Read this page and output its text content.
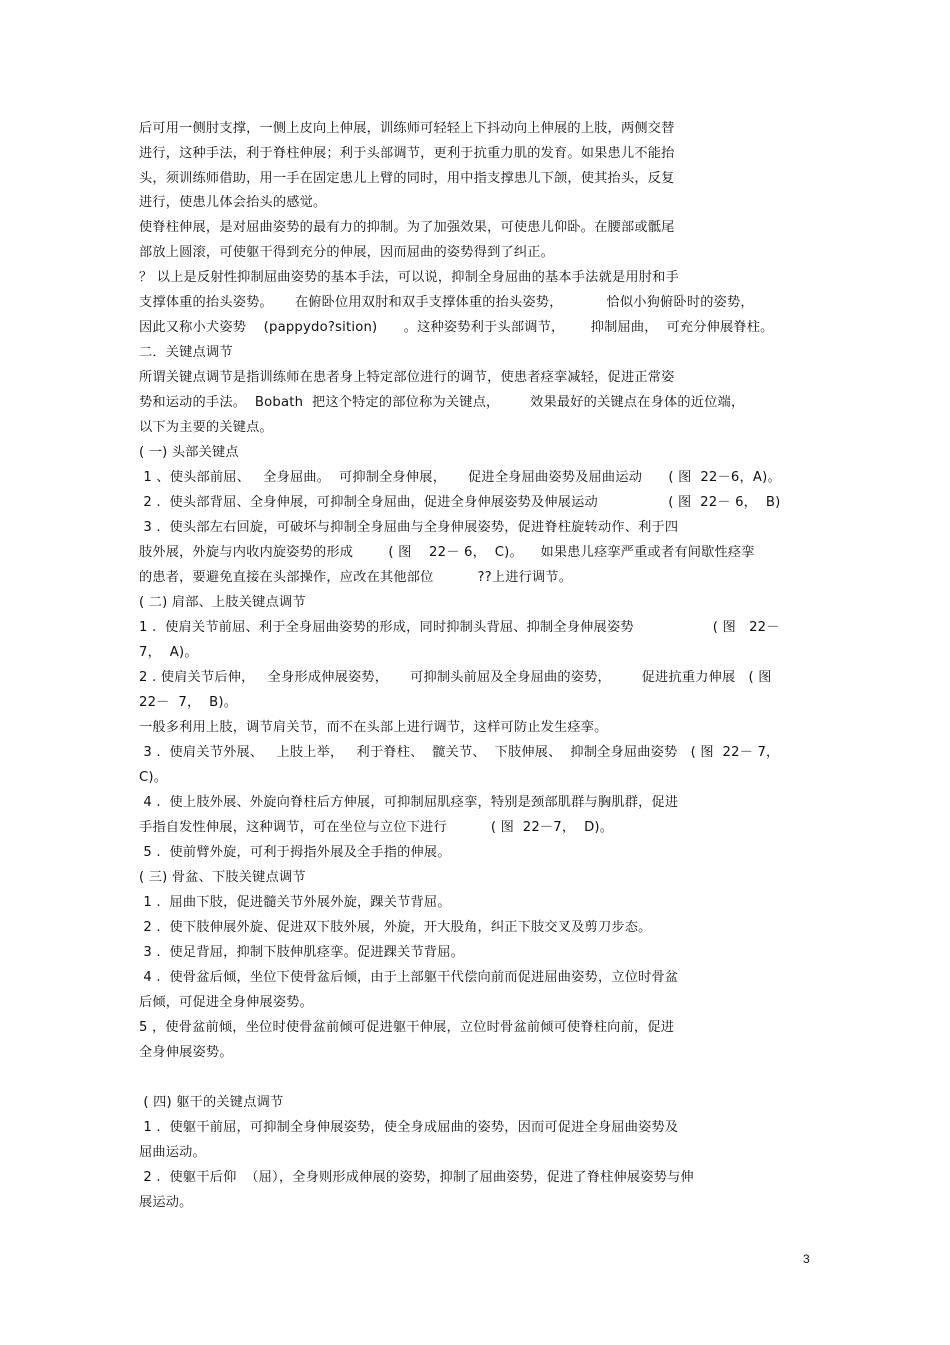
后可用一侧肘支撑，一侧上皮向上伸展，训练师可轻轻上下抖动向上伸展的上肢，两侧交替
进行，这种手法，利于脊柱伸展；利于头部调节，更利于抗重力肌的发育。如果患儿不能抬
头，须训练师借助，用一手在固定患儿上臂的同时，用中指支撑患儿下颌，使其抬头，反复
进行，使患儿体会抬头的感觉。
使脊柱伸展，是对屈曲姿势的最有力的抑制。为了加强效果，可使患儿仰卧。在腰部或骶尾
部放上圆滚，可使躯干得到充分的伸展，因而屈曲的姿势得到了纠正。
？ 以上是反射性抑制屈曲姿势的基本手法，可以说，抑制全身屈曲的基本手法就是用肘和手
支撑体重的抬头姿势。     在俯卧位用双肘和双手支撑体重的抬头姿势，          恰似小狗俯卧时的姿势，
因此又称小犬姿势    (pappydo?sition)      。这种姿势利于头部调节，      抑制屈曲，  可充分伸展脊柱。
二．关键点调节
所谓关键点调节是指训练师在患者身上特定部位进行的调节，使患者痉挛减轻，促进正常姿
势和运动的手法。  Bobath  把这个特定的部位称为关键点，       效果最好的关键点在身体的近位端，
以下为主要的关键点。
( 一) 头部关键点
1 、使头部前屈、   全身屈曲。  可抑制全身伸展，     促进全身屈曲姿势及屈曲运动      ( 图  22－6，A)。
2 .  使头部背屈、全身伸展，可抑制全身屈曲，促进全身伸展姿势及伸展运动                ( 图  22－ 6，  B)
3 .  使头部左右回旋，可破坏与抑制全身屈曲与全身伸展姿势，促进脊柱旋转动作、利于四
肢外展，外旋与内收内旋姿势的形成        ( 图    22－ 6，  C)。    如果患儿痉挛严重或者有间歇性痉挛
的患者，要避免直接在头部操作，应改在其他部位          ??上进行调节。
( 二) 肩部、上肢关键点调节
1 .  使肩关节前屈、利于全身屈曲姿势的形成，同时抑制头背屈、抑制全身伸展姿势                  ( 图   22－
7，  A)。
2 . 使肩关节后伸，   全身形成伸展姿势，     可抑制头前屈及全身屈曲的姿势，       促进抗重力伸展   ( 图
22－  7，  B)。
一般多利用上肢，调节肩关节，而不在头部上进行调节，这样可防止发生痉挛。
3 .  使肩关节外展、   上肢上举，   利于脊柱、  髋关节、  下肢伸展、  抑制全身屈曲姿势   ( 图  22－ 7，
C)。
4 .  使上肢外展、外旋向脊柱后方伸展，可抑制屈肌痉挛，特别是颈部肌群与胸肌群，促进
手指自发性伸展，这种调节，可在坐位与立位下进行          ( 图  22－7，  D)。
5 .  使前臂外旋，可利于拇指外展及全手指的伸展。
( 三) 骨盆、下肢关键点调节
1 .  屈曲下肢，促进髓关节外展外旋，踝关节背屈。
2 .  使下肢伸展外旋、促进双下肢外展，外旋，开大股角，纠正下肢交叉及剪刀步态。
3 .  使足背屈，抑制下肢伸肌痉挛。促进踝关节背屈。
4 .  使骨盆后倾，坐位下使骨盆后倾，由于上部躯干代偿向前而促进屈曲姿势，立位时骨盆
后倾，可促进全身伸展姿势。
5 ，使骨盆前倾，坐位时使骨盆前倾可促进躯干伸展，立位时骨盆前倾可使脊柱向前，促进
全身伸展姿势。
( 四) 躯干的关键点调节
1 .  使躯干前屈，可抑制全身伸展姿势，使全身成屈曲的姿势，因而可促进全身屈曲姿势及
屈曲运动。
2 .  使躯干后仰  （屈），全身则形成伸展的姿势，抑制了屈曲姿势，促进了脊柱伸展姿势与伸
展运动。
3
